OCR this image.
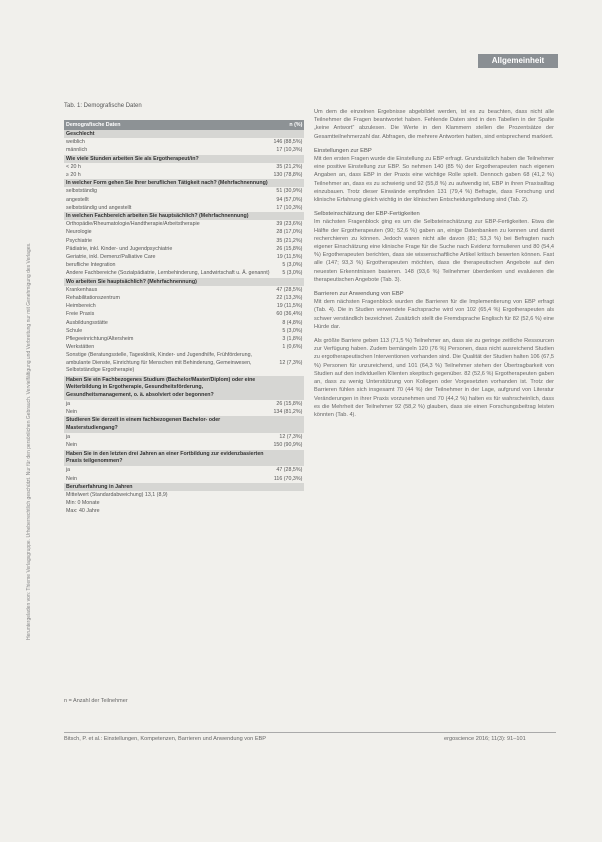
Allgemeinheit
Heruntergeladen von: Thieme Verlagsgruppe. Urheberrechtlich geschützt. Nur für den persönlichen Gebrauch. Vervielfältigung und Verbreitung nur mit Genehmigung des Verlages.
Tab. 1: Demografische Daten
Demografische Daten	n (%)
Geschlecht	
weiblich	146 (88,5%)
männlich	17 (10,3%)
Wie viele Stunden arbeiten Sie als Ergotherapeut/in?	
< 20 h	35 (21,2%)
≥ 20 h	130 (78,8%)
In welcher Form gehen Sie Ihrer beruflichen Tätigkeit nach? (Mehrfachnennung)	
selbstständig	51 (30,9%)
angestellt	94 (57,0%)
selbstständig und angestellt	17 (10,3%)
In welchen Fachbereich arbeiten Sie hauptsächlich? (Mehrfachnennung)	
Orthopädie/Rheumatologie/Handtherapie/Arbeitstherapie	39 (23,6%)
Neurologie	28 (17,0%)
Psychiatrie	35 (21,2%)
Pädiatrie, inkl. Kinder- und Jugendpsychiatrie	26 (15,8%)
Geriatrie, inkl. Demenz/Palliative Care	19 (11,5%)
berufliche Integration	5 (3,0%)
Andere Fachbereiche (Sozialpädiatrie, Lernbehinderung, Landwirtschaft u. Ä. genannt)	5 (3,0%)
Wo arbeiten Sie hauptsächlich? (Mehrfachnennung)	
Krankenhaus	47 (28,5%)
Rehabilitationszentrum	22 (13,3%)
Heimbereich	19 (11,5%)
Freie Praxis	60 (36,4%)
Ausbildungsstätte	8 (4,8%)
Schule	5 (3,0%)
Pflegeeinrichtung/Altersheim	3 (1,8%)
Werkstätten	1 (0,6%)
Sonstige (Beratungsstelle, Tagesklinik, Kinder- und Jugendhilfe, Frühförderung, ambulante Dienste, Einrichtung für Menschen mit Behinderung, Gemeinwesen, Selbstständige Ergotherapie)	12 (7,3%)
Haben Sie ein Fachbezogenes Studium (Bachelor/Master/Diplom) oder eine Weiterbildung in Ergotherapie, Gesundheitsförderung, Gesundheitsmanagement, o. ä. absolviert oder begonnen?	
ja	26 (15,8%)
Nein	134 (81,2%)
Studieren Sie derzeit in einem fachbezogenen Bachelor- oder Masterstudiengang?	
ja	12 (7,3%)
Nein	150 (90,9%)
Haben Sie in den letzten drei Jahren an einer Fortbildung zur evidenzbasierten Praxis teilgenommen?	
ja	47 (28,5%)
Nein	116 (70,3%)
Berufserfahrung in Jahren	
Mittelwert (Standardabweichung) 13,1 (8,9)	
Min: 0 Monate	
Max: 40 Jahre	
n = Anzahl der Teilnehmer

Um dem die einzelnen Ergebnisse abgebildet werden, ist es zu beachten, dass nicht alle Teilnehmer die Fragen beantwortet haben. Fehlende Daten sind in den Tabellen in der Spalte „keine Antwort“ abzulesen. Die Werte in den Klammern stellen die Prozentsätze der Gesamtteilnehmerzahl dar. Abfragen, die mehrere Antworten hatten, sind entsprechend markiert.

Einstellungen zur EBP

Mit den ersten Fragen wurde die Einstellung zu EBP erfragt. Grundsätzlich haben die Teilnehmer eine positive Einstellung zur EBP. So nehmen 140 (85 %) der Ergotherapeuten nach eigenen Angaben an, dass EBP in der Praxis eine wichtige Rolle spielt. Dennoch gaben 68 (41,2 %) Teilnehmer an, dass es zu schwierig und 92 (55,8 %) zu aufwendig ist, EBP in ihren Praxisalltag einzubauen. Trotz dieser Einwände empfinden 131 (79,4 %) Befragte, dass Forschung und klinische Erfahrung gleich wichtig in der klinischen Entscheidungsfindung sind (Tab. 2).

Selbsteinschätzung der EBP-Fertigkeiten

Im nächsten Fragenblock ging es um die Selbsteinschätzung zur EBP-Fertigkeiten. Etwa die Hälfte der Ergotherapeuten (90; 52,6 %) gaben an, einige Datenbanken zu kennen und damit recherchieren zu können. Jedoch waren nicht alle davon (81; 53,3 %) bei Befragten nach eigener Einschätzung eine klinische Frage für die Suche nach Evidenz formulieren und 80 (54,4 %) Ergotherapeuten berichten, dass sie wissenschaftliche Artikel kritisch bewerten können. Fast alle (147; 93,3 %) Ergotherapeuten möchten, dass die therapeutischen Angebote auf den neuesten Erkenntnissen basieren. 148 (93,6 %) Teilnehmer überdenken und evaluieren die therapeutischen Angebote (Tab. 3).

Barrieren zur Anwendung von EBP

Mit dem nächsten Fragenblock wurden die Barrieren für die Implementierung von EBP erfragt (Tab. 4). Die in Studien verwendete Fachsprache wird von 102 (65,4 %) Ergotherapeuten als schwer verständlich bezeichnet. Zusätzlich stellt die Fremdsprache Englisch für 82 (52,6 %) eine Hürde dar.

Als größte Barriere geben 113 (71,5 %) Teilnehmer an, dass sie zu geringe zeitliche Ressourcen zur Verfügung haben. Zudem bemängeln 120 (76 %) Personen, dass nicht ausreichend Studien zu ergotherapeutischen Interventionen vorhanden sind. Die Qualität der Studien halten 106 (67,5 %) Personen für unzureichend, und 101 (64,3 %) Teilnehmer stehen der Übertragbarkeit von Studien auf den individuellen Klienten skeptisch gegenüber. 82 (52,6 %) Ergotherapeuten gaben an, dass zu wenig Unterstützung von Kollegen oder Vorgesetzten vorhanden ist. Trotz der Barrieren fühlen sich insgesamt 70 (44 %) der Teilnehmer in der Lage, aufgrund von Literatur Veränderungen in ihrer Praxis vorzunehmen und 70 (44,2 %) halten es für wahrscheinlich, dass es die Mehrheit der Teilnehmer 92 (58,2 %) glauben, dass sie einen Forschungsbeitrag leisten könnten (Tab. 4).

Bitsch, P. et al.: Einstellungen, Kompetenzen, Barrieren und Anwendung von EBP	ergoscience 2016; 11(3): 91–101
